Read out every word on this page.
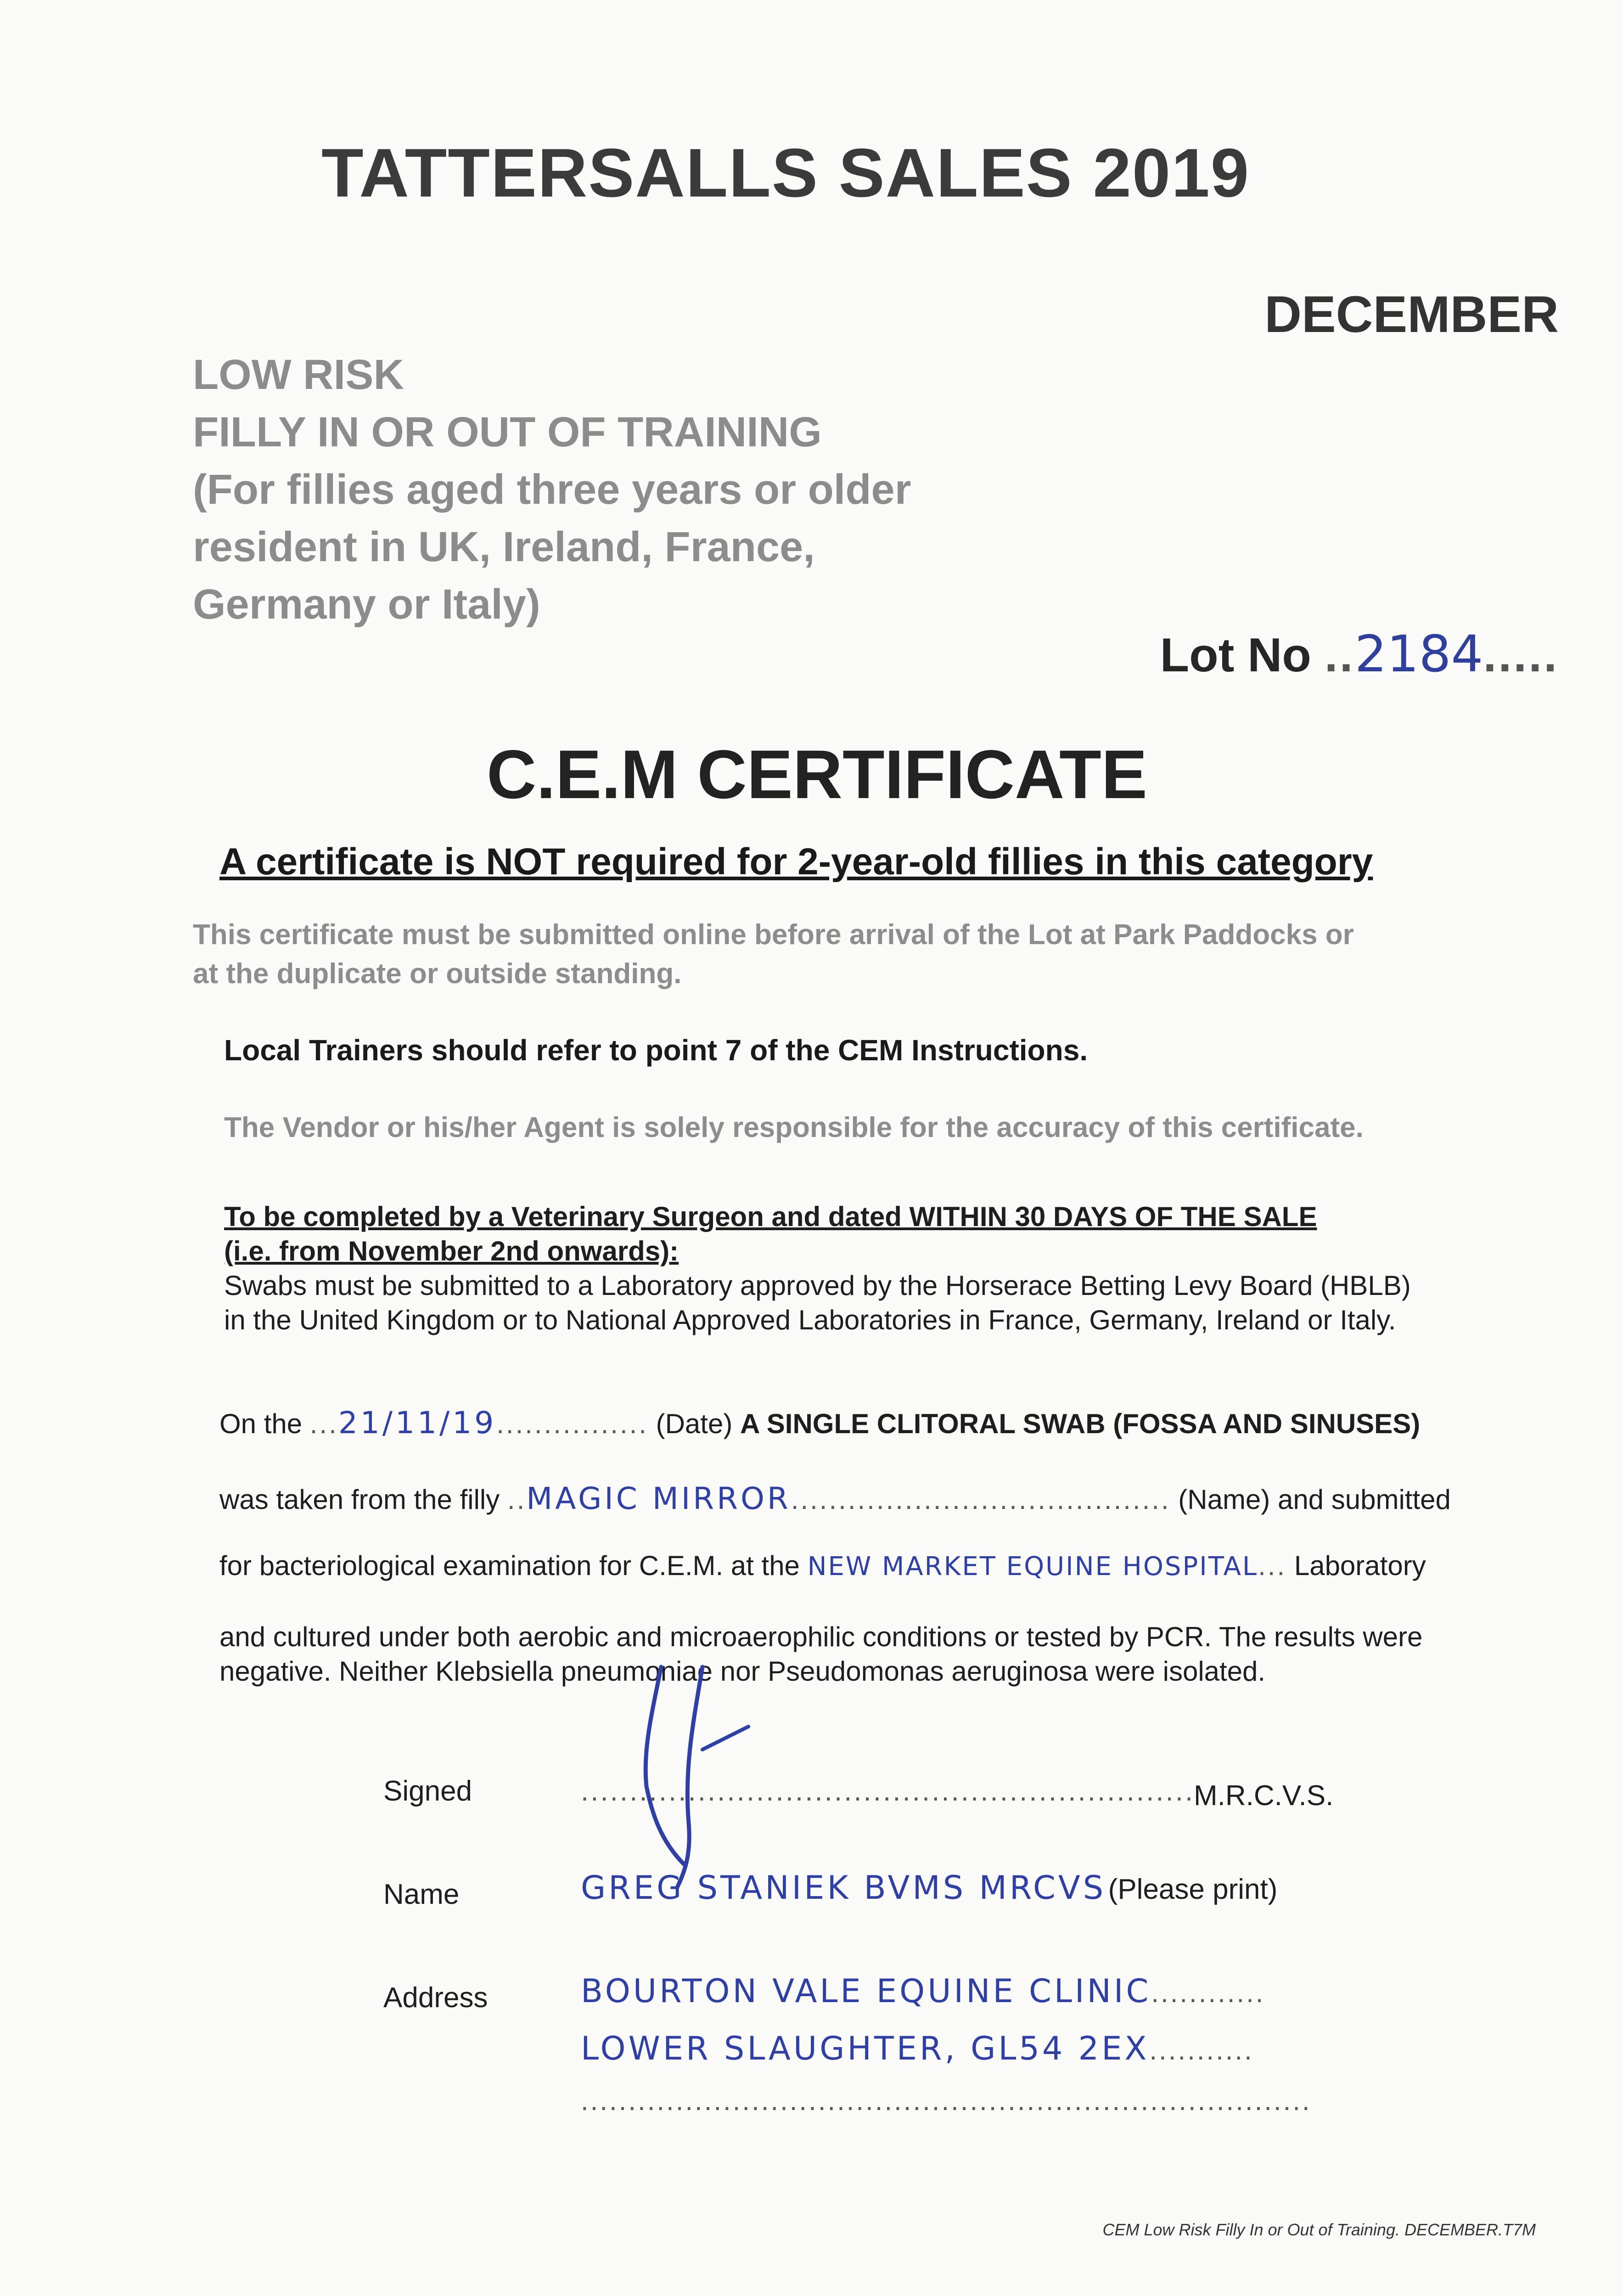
TATTERSALLS SALES 2019
DECEMBER
LOW RISK
FILLY IN OR OUT OF TRAINING
(For fillies aged three years or older
resident in UK, Ireland, France,
Germany or Italy)
Lot No ..2184.....
C.E.M CERTIFICATE
A certificate is NOT required for 2-year-old fillies in this category
This certificate must be submitted online before arrival of the Lot at Park Paddocks or
at the duplicate or outside standing.
Local Trainers should refer to point 7 of the CEM Instructions.
The Vendor or his/her Agent is solely responsible for the accuracy of this certificate.
To be completed by a Veterinary Surgeon and dated WITHIN 30 DAYS OF THE SALE
(i.e. from November 2nd onwards):
Swabs must be submitted to a Laboratory approved by the Horserace Betting Levy Board (HBLB)
in the United Kingdom or to National Approved Laboratories in France, Germany, Ireland or Italy.
On the ...21/11/19................ (Date) A SINGLE CLITORAL SWAB (FOSSA AND SINUSES)
was taken from the filly ..MAGIC MIRROR........................................ (Name) and submitted
for bacteriological examination for C.E.M. at the NEW MARKET EQUINE HOSPITAL... Laboratory
and cultured under both aerobic and microaerophilic conditions or tested by PCR. The results were
negative. Neither Klebsiella pneumoniae nor Pseudomonas aeruginosa were isolated.
Signed	...............................................................
M.R.C.V.S.
Name	GREG STANIEK BVMS MRCVS (Please print)
Address	BOURTON VALE EQUINE CLINIC............
LOWER SLAUGHTER, GL54 2EX...........
.............................................................................
CEM Low Risk Filly In or Out of Training. DECEMBER.T7M
